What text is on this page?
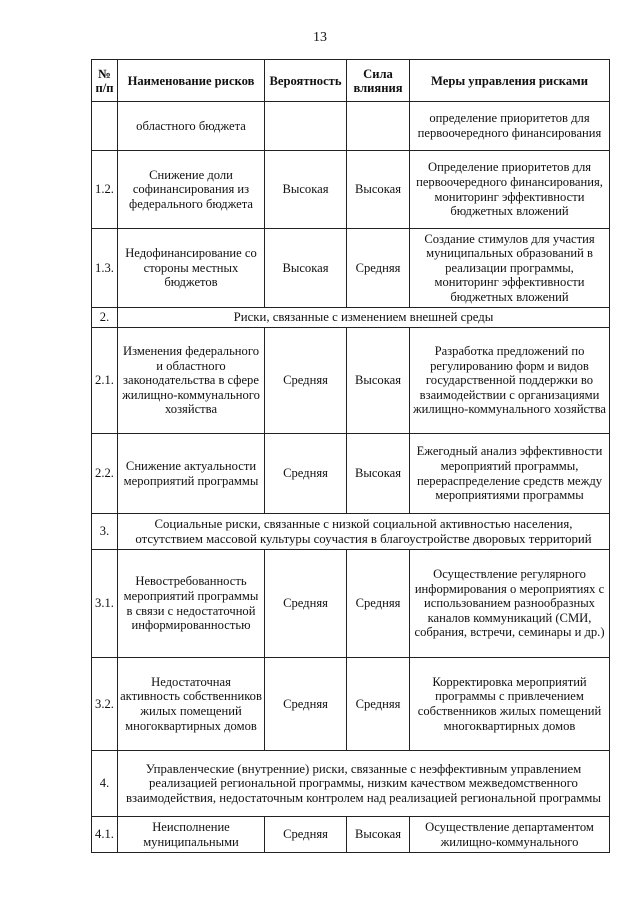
13
№ п/п	Наименование рисков	Вероятность	Сила влияния	Меры управления рисками
	областного бюджета			определение приоритетов для первоочередного финансирования
1.2.	Снижение доли софинансирования из федерального бюджета	Высокая	Высокая	Определение приоритетов для первоочередного финансирования, мониторинг эффективности бюджетных вложений
1.3.	Недофинансирование со стороны местных бюджетов	Высокая	Средняя	Создание стимулов для участия муниципальных образований в реализации программы, мониторинг эффективности бюджетных вложений
2.	Риски, связанные с изменением внешней среды			
2.1.	Изменения федерального и областного законодательства в сфере жилищно-коммунального хозяйства	Средняя	Высокая	Разработка предложений по регулированию форм и видов государственной поддержки во взаимодействии с организациями жилищно-коммунального хозяйства
2.2.	Снижение актуальности мероприятий программы	Средняя	Высокая	Ежегодный анализ эффективности мероприятий программы, перераспределение средств между мероприятиями программы
3.	Социальные риски, связанные с низкой социальной активностью населения, отсутствием массовой культуры соучастия в благоустройстве дворовых территорий			
3.1.	Невостребованность мероприятий программы в связи с недостаточной информированностью	Средняя	Средняя	Осуществление регулярного информирования о мероприятиях с использованием разнообразных каналов коммуникаций (СМИ, собрания, встречи, семинары и др.)
3.2.	Недостаточная активность собственников жилых помещений многоквартирных домов	Средняя	Средняя	Корректировка мероприятий программы с привлечением собственников жилых помещений многоквартирных домов
4.	Управленческие (внутренние) риски, связанные с неэффективным управлением реализацией региональной программы, низким качеством межведомственного взаимодействия, недостаточным контролем над реализацией региональной программы			
4.1.	Неисполнение муниципальными	Средняя	Высокая	Осуществление департаментом жилищно-коммунального
